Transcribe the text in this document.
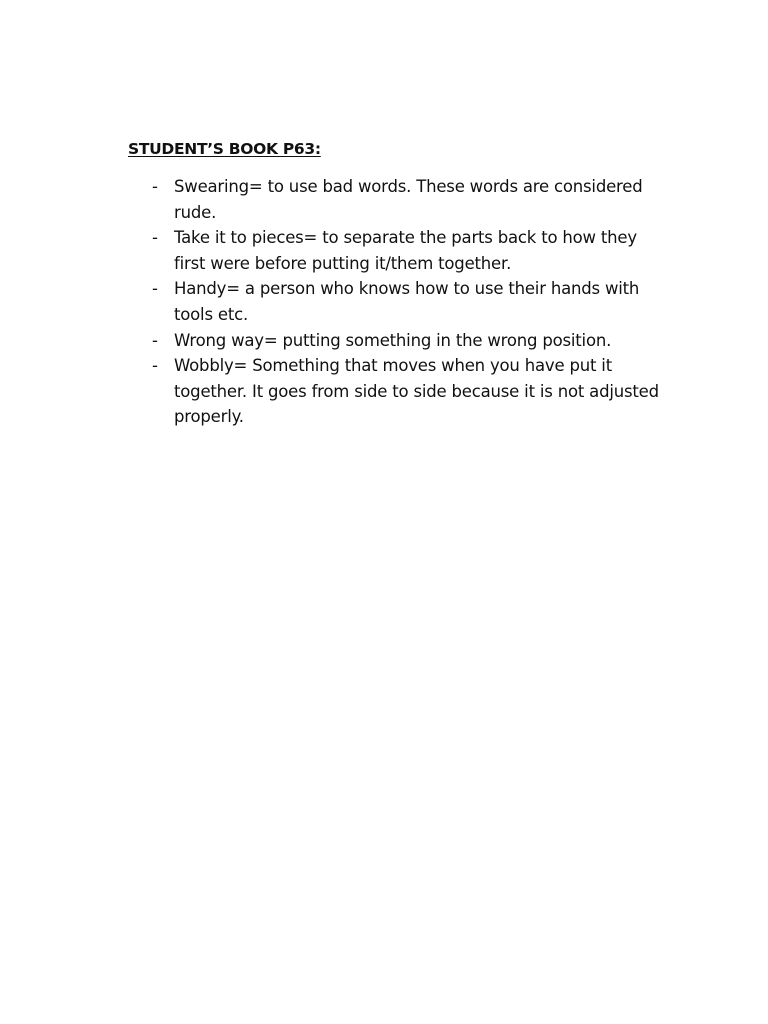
STUDENT’S BOOK P63:
- Swearing= to use bad words. These words are considered rude.
- Take it to pieces= to separate the parts back to how they first were before putting it/them together.
- Handy= a person who knows how to use their hands with tools etc.
- Wrong way= putting something in the wrong position.
- Wobbly= Something that moves when you have put it together. It goes from side to side because it is not adjusted properly.
